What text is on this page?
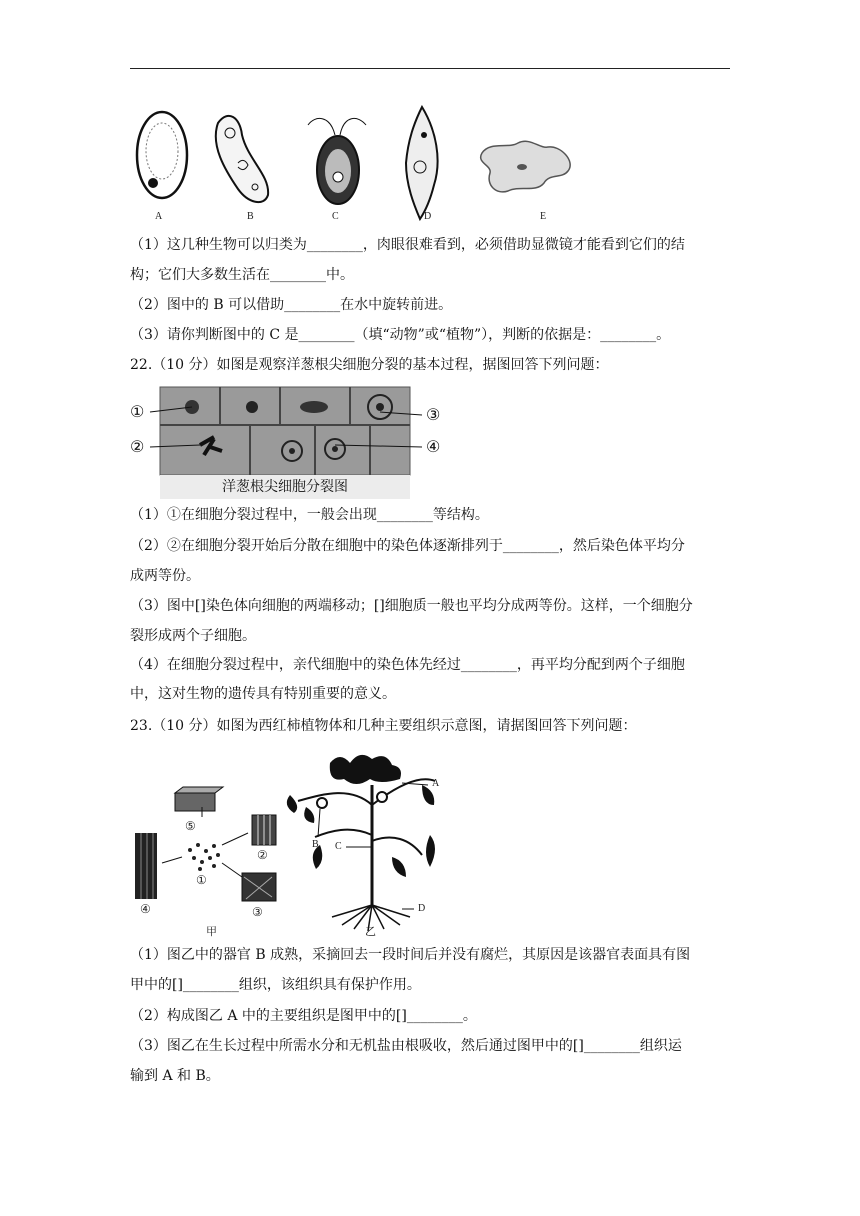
A	B	C	D	E
（1）这几种生物可以归类为________，肉眼很难看到，必须借助显微镜才能看到它们的结
构；它们大多数生活在________中。
（2）图中的 B 可以借助________在水中旋转前进。
（3）请你判断图中的 C 是________（填“动物”或“植物”），判断的依据是：________。
22.（10 分）如图是观察洋葱根尖细胞分裂的基本过程，据图回答下列问题：
①
②
③
④
洋葱根尖细胞分裂图
（1）①在细胞分裂过程中，一般会出现________等结构。
（2）②在细胞分裂开始后分散在细胞中的染色体逐渐排列于________，然后染色体平均分
成两等份。
（3）图中[]染色体向细胞的两端移动；[]细胞质一般也平均分成两等份。这样，一个细胞分
裂形成两个子细胞。
（4）在细胞分裂过程中，亲代细胞中的染色体先经过________，再平均分配到两个子细胞
中，这对生物的遗传具有特别重要的意义。
23.（10 分）如图为西红柿植物体和几种主要组织示意图，请据图回答下列问题：
⑤
②
①
③
④
A
B C
D
甲	乙
（1）图乙中的器官 B 成熟，采摘回去一段时间后并没有腐烂，其原因是该器官表面具有图
甲中的[]________组织，该组织具有保护作用。
（2）构成图乙 A 中的主要组织是图甲中的[]________。
（3）图乙在生长过程中所需水分和无机盐由根吸收，然后通过图甲中的[]________组织运
输到 A 和 B。
